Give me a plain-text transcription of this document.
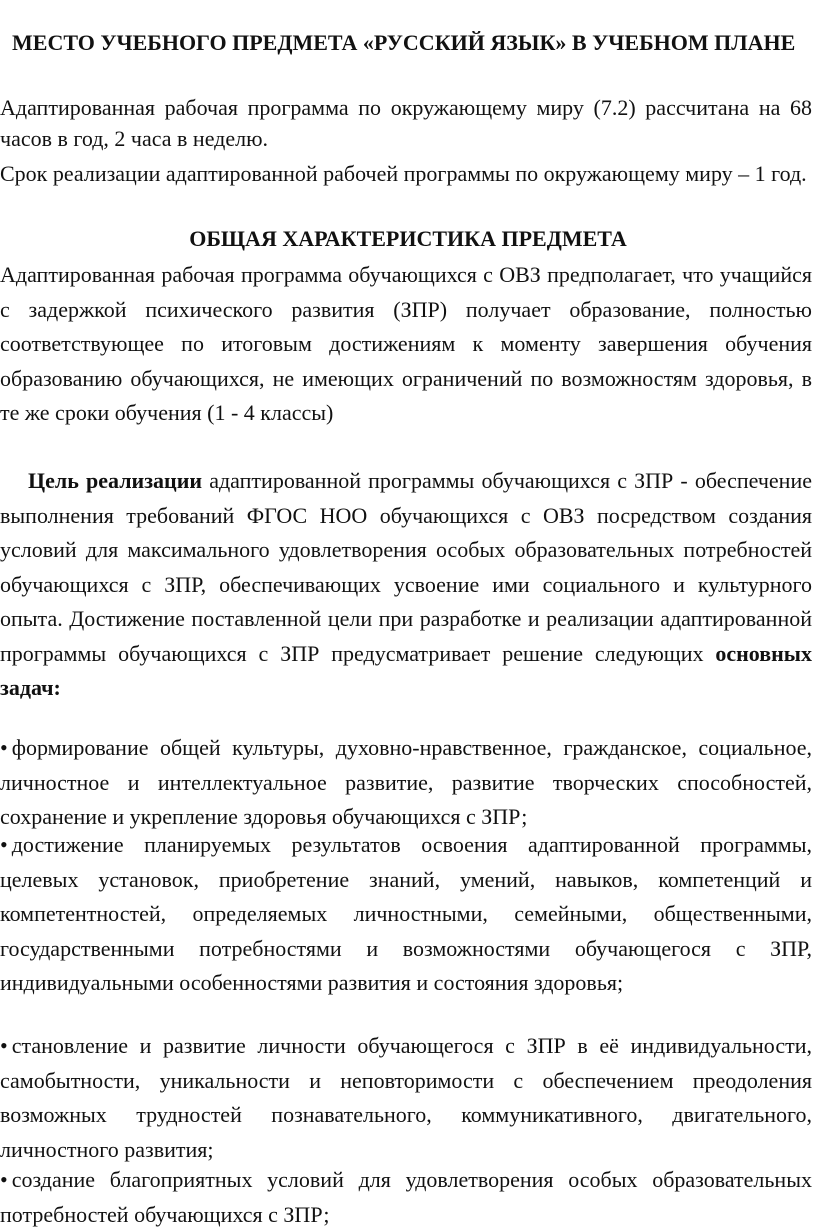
МЕСТО УЧЕБНОГО ПРЕДМЕТА «РУССКИЙ ЯЗЫК» В УЧЕБНОМ ПЛАНЕ

Адаптированная рабочая программа по окружающему миру (7.2) рассчитана на 68 часов в год, 2 часа в неделю.

Срок реализации адаптированной рабочей программы по окружающему миру – 1 год.

ОБЩАЯ ХАРАКТЕРИСТИКА ПРЕДМЕТА

Адаптированная рабочая программа обучающихся с ОВЗ предполагает, что учащийся с задержкой психического развития (ЗПР) получает образование, полностью соответствующее по итоговым достижениям к моменту завершения обучения образованию обучающихся, не имеющих ограничений по возможностям здоровья, в те же сроки обучения (1 - 4 классы)

Цель реализации адаптированной программы обучающихся с ЗПР - обеспечение выполнения требований ФГОС НОО обучающихся с ОВЗ посредством создания условий для максимального удовлетворения особых образовательных потребностей обучающихся с ЗПР, обеспечивающих усвоение ими социального и культурного опыта. Достижение поставленной цели при разработке и реализации адаптированной программы обучающихся с ЗПР предусматривает решение следующих основных задач:

• формирование общей культуры, духовно-нравственное, гражданское, социальное, личностное и интеллектуальное развитие, развитие творческих способностей, сохранение и укрепление здоровья обучающихся с ЗПР;

• достижение планируемых результатов освоения адаптированной программы, целевых установок, приобретение знаний, умений, навыков, компетенций и компетентностей, определяемых личностными, семейными, общественными, государственными потребностями и возможностями обучающегося с ЗПР, индивидуальными особенностями развития и состояния здоровья;

• становление и развитие личности обучающегося с ЗПР в её индивидуальности, самобытности, уникальности и неповторимости с обеспечением преодоления возможных трудностей познавательного, коммуникативного, двигательного, личностного развития;

• создание благоприятных условий для удовлетворения особых образовательных потребностей обучающихся с ЗПР;
